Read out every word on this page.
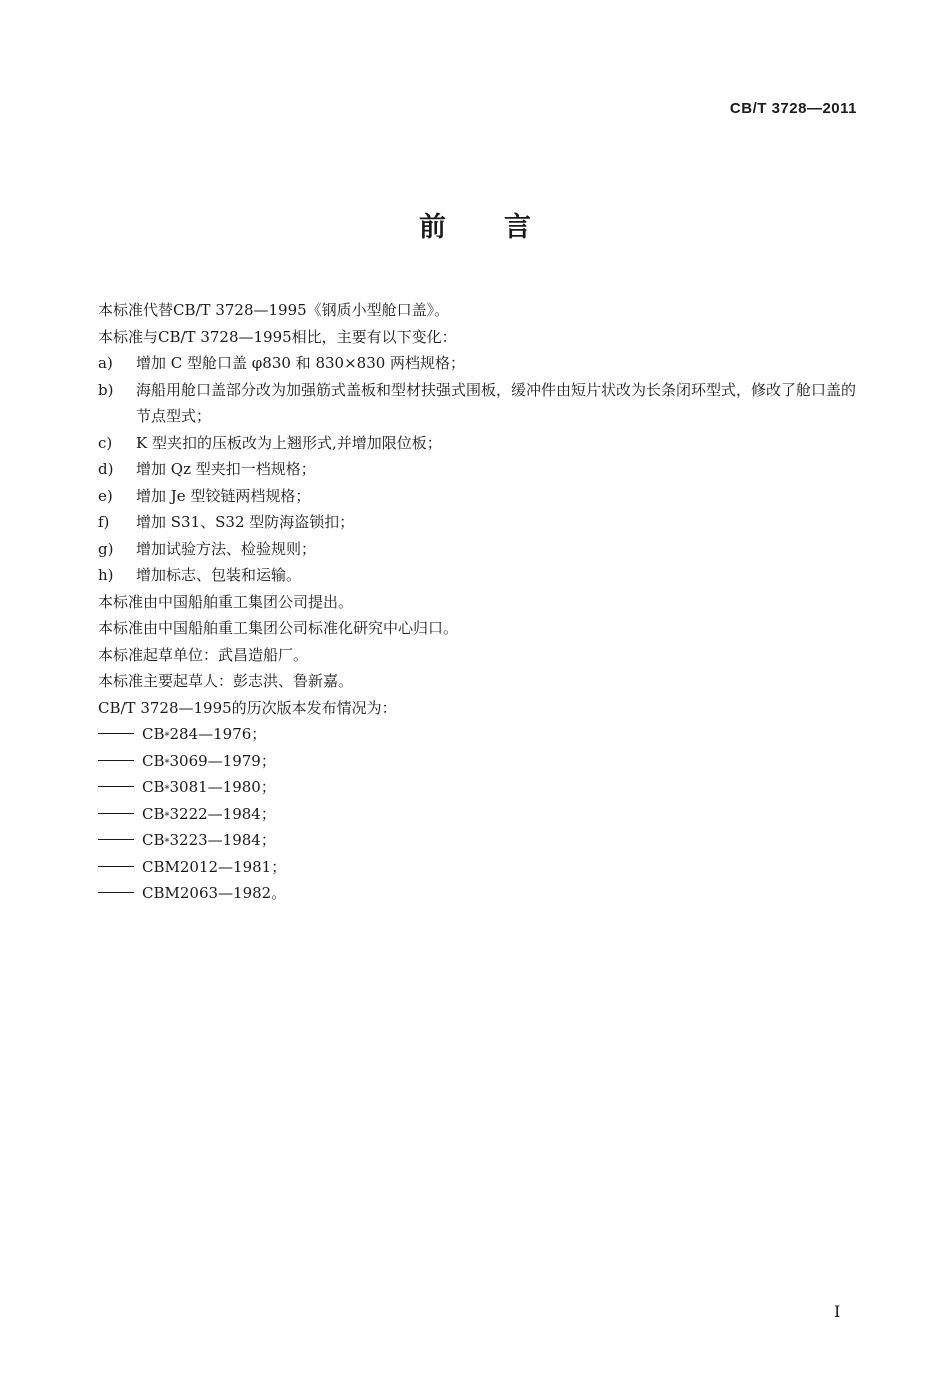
CB/T 3728—2011
前言
本标准代替CB/T 3728—1995《钢质小型舱口盖》。
本标准与CB/T 3728—1995相比，主要有以下变化：
a)	增加 C 型舱口盖 φ830 和 830×830 两档规格；
b)	海船用舱口盖部分改为加强筋式盖板和型材扶强式围板，缓冲件由短片状改为长条闭环型式，修改了舱口盖的节点型式；
c)	K 型夹扣的压板改为上翘形式,并增加限位板；
d)	增加 Qz 型夹扣一档规格；
e)	增加 Je 型铰链两档规格；
f)	增加 S31、S32 型防海盗锁扣；
g)	增加试验方法、检验规则；
h)	增加标志、包装和运输。
本标准由中国船舶重工集团公司提出。
本标准由中国船舶重工集团公司标准化研究中心归口。
本标准起草单位：武昌造船厂。
本标准主要起草人：彭志洪、鲁新嘉。
CB/T 3728—1995的历次版本发布情况为：
CB * 284—1976；
CB * 3069—1979；
CB * 3081—1980；
CB * 3222—1984；
CB * 3223—1984；
CBM 2012—1981；
CBM 2063—1982。
I
